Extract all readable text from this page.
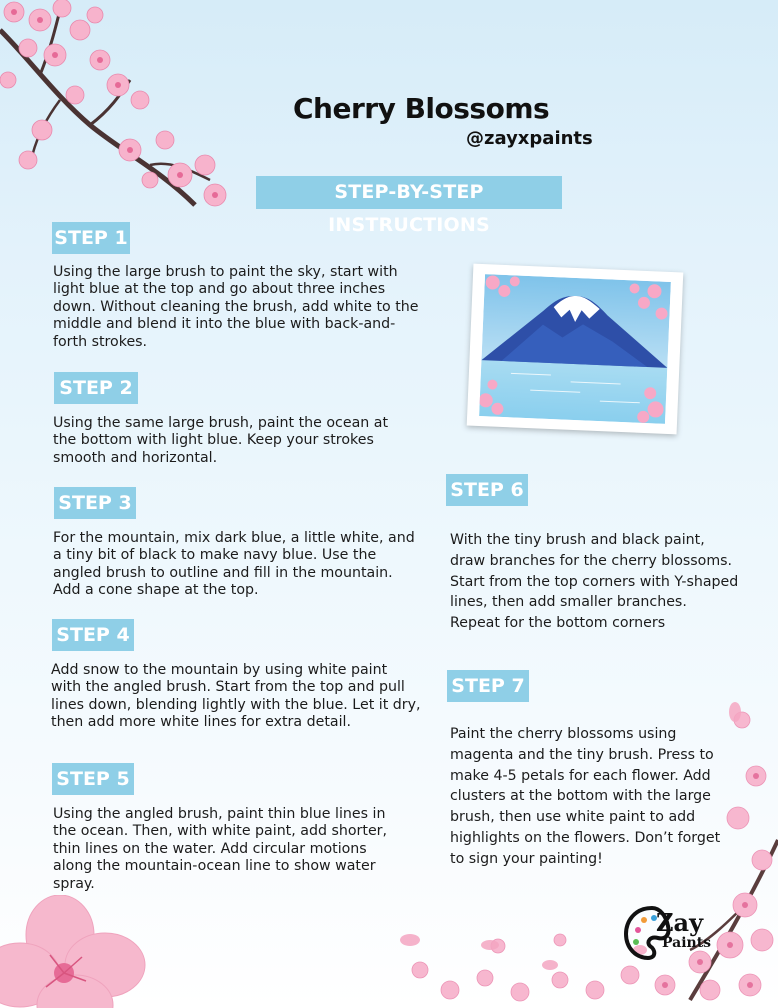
Cherry Blossoms
@zayxpaints
STEP-BY-STEP INSTRUCTIONS
STEP 1
Using the large brush to paint the sky, start with light blue at the top and go about three inches down. Without cleaning the brush, add white to the middle and blend it into the blue with back-and-forth strokes.
STEP 2
Using the same large brush, paint the ocean at the bottom with light blue. Keep your strokes smooth and horizontal.
STEP 3
For the mountain, mix dark blue, a little white, and a tiny bit of black to make navy blue. Use the angled brush to outline and fill in the mountain. Add a cone shape at the top.
STEP 4
Add snow to the mountain by using white paint with the angled brush. Start from the top and pull lines down, blending lightly with the blue. Let it dry, then add more white lines for extra detail.
STEP 5
Using the angled brush, paint thin blue lines in the ocean. Then, with white paint, add shorter, thin lines on the water. Add circular motions along the mountain-ocean line to show water spray.
STEP 6
With the tiny brush and black paint, draw branches for the cherry blossoms. Start from the top corners with Y-shaped lines, then add smaller branches. Repeat for the bottom corners
STEP 7
Paint the cherry blossoms using magenta and the tiny brush. Press to make 4-5 petals for each flower. Add clusters at the bottom with the large brush, then use white paint to add highlights on the flowers. Don’t forget to sign your painting!
Zay
Paints
